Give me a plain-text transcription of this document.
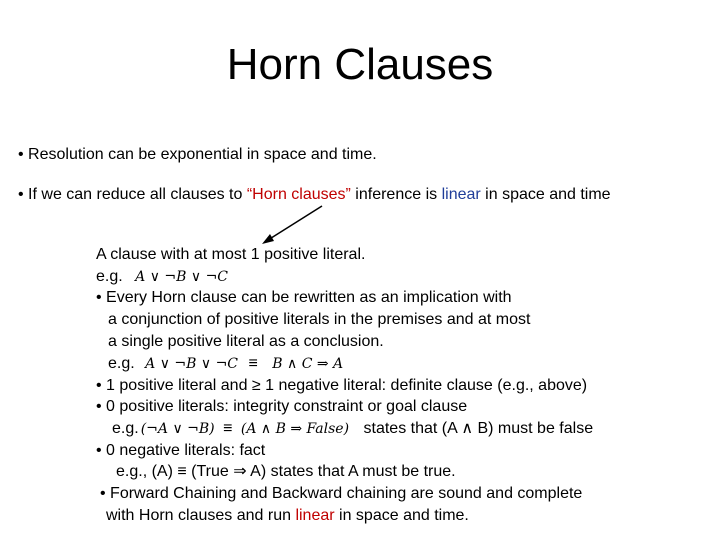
Horn Clauses
• Resolution can be exponential in space and time.
• If we can reduce all clauses to “Horn clauses” inference is linear in space and time
A clause with at most 1 positive literal.
e.g. A ∨ ¬B ∨ ¬C
• Every Horn clause can be rewritten as an implication with
a conjunction of positive literals in the premises and at most
a single positive literal as a conclusion.
e.g. A ∨ ¬B ∨ ¬C ≡ B ∧ C ⇒ A
• 1 positive literal and ≥ 1 negative literal: definite clause (e.g., above)
• 0 positive literals: integrity constraint or goal clause
e.g. (¬A ∨ ¬B) ≡ (A ∧ B ⇒ False) states that (A ∧ B) must be false
• 0 negative literals: fact
e.g., (A) ≡ (True ⇒ A) states that A must be true.
• Forward Chaining and Backward chaining are sound and complete
with Horn clauses and run linear in space and time.
